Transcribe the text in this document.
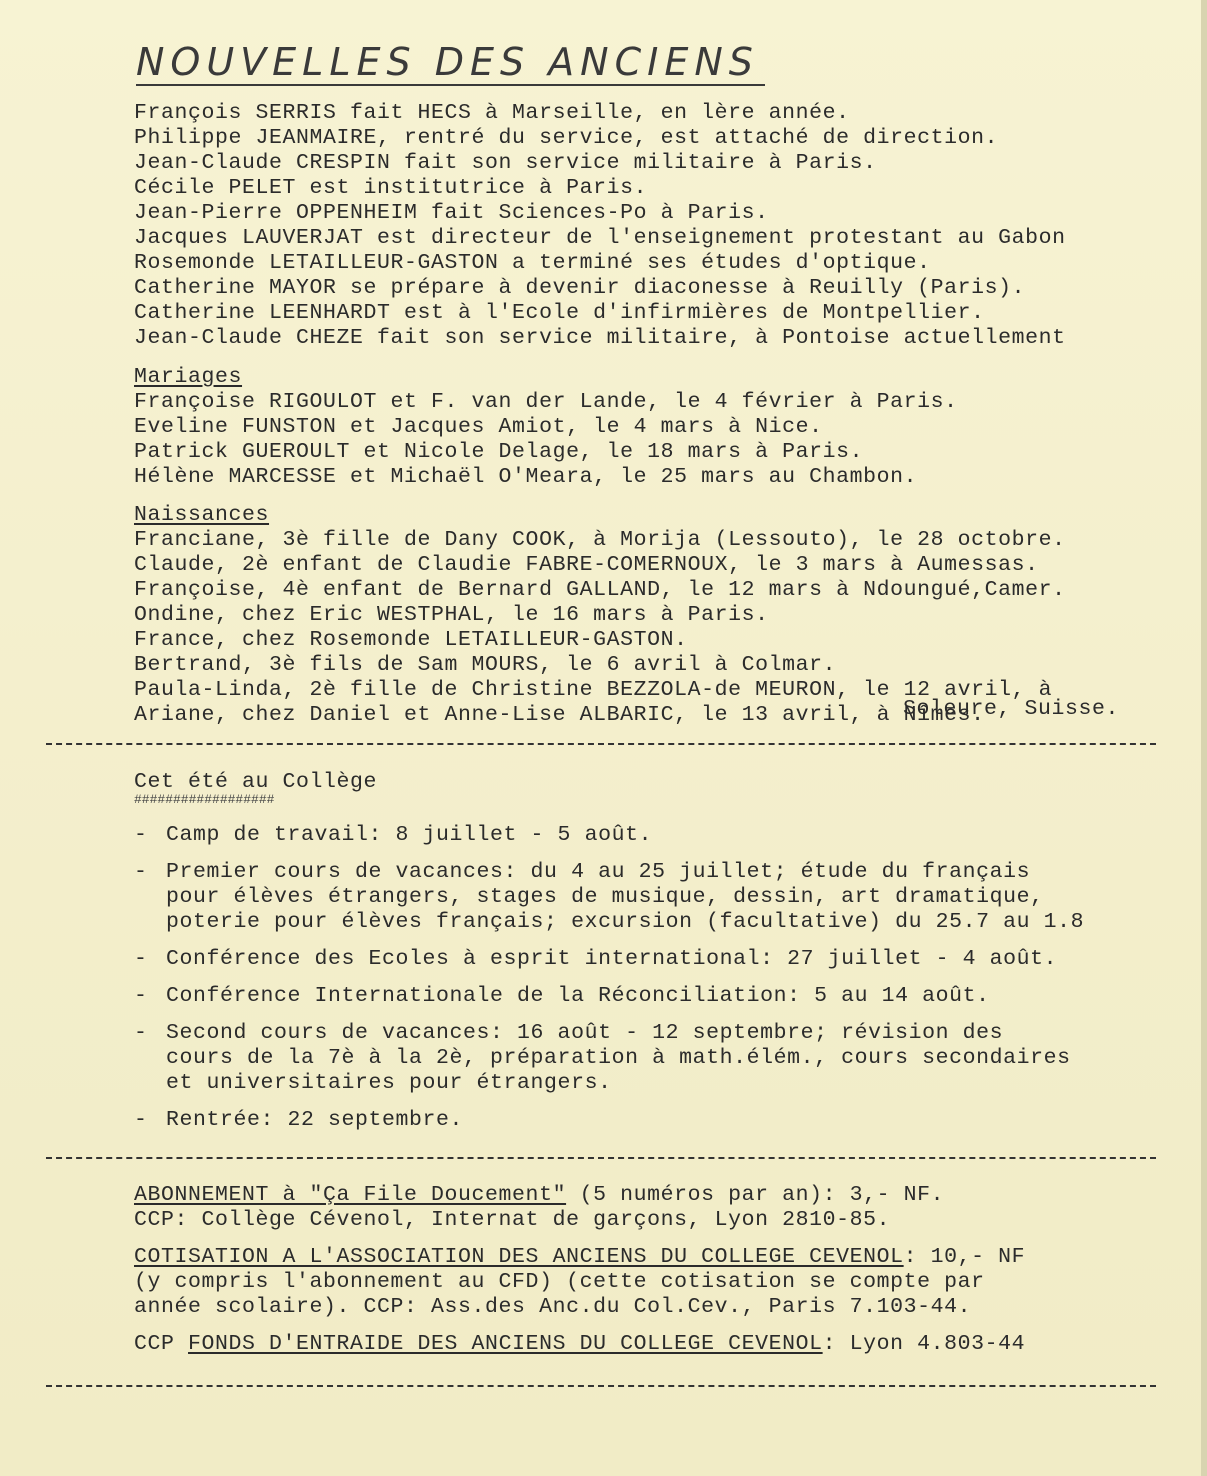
NOUVELLES DES ANCIENS
François SERRIS fait HECS à Marseille, en lère année.
Philippe JEANMAIRE, rentré du service, est attaché de direction.
Jean-Claude CRESPIN fait son service militaire à Paris.
Cécile PELET est institutrice à Paris.
Jean-Pierre OPPENHEIM fait Sciences-Po à Paris.
Jacques LAUVERJAT est directeur de l'enseignement protestant au Gabon
Rosemonde LETAILLEUR-GASTON a terminé ses études d'optique.
Catherine MAYOR se prépare à devenir diaconesse à Reuilly (Paris).
Catherine LEENHARDT est à l'Ecole d'infirmières de Montpellier.
Jean-Claude CHEZE fait son service militaire, à Pontoise actuellement
Mariages
Françoise RIGOULOT et F. van der Lande, le 4 février à Paris.
Eveline FUNSTON et Jacques Amiot, le 4 mars à Nice.
Patrick GUEROULT et Nicole Delage, le 18 mars à Paris.
Hélène MARCESSE et Michaël O'Meara, le 25 mars au Chambon.
Naissances
Franciane, 3è fille de Dany COOK, à Morija (Lessouto), le 28 octobre.
Claude, 2è enfant de Claudie FABRE-COMERNOUX, le 3 mars à Aumessas.
Françoise, 4è enfant de Bernard GALLAND, le 12 mars à Ndoungué,Camer.
Ondine, chez Eric WESTPHAL, le 16 mars à Paris.
France, chez Rosemonde LETAILLEUR-GASTON.
Bertrand, 3è fils de Sam MOURS, le 6 avril à Colmar.
Paula-Linda, 2è fille de Christine BEZZOLA-de MEURON, le 12 avril, à
Ariane, chez Daniel et Anne-Lise ALBARIC, le 13 avril, à Nîmes.
Soleure, Suisse.
Cet été au Collège
##################
- Camp de travail: 8 juillet - 5 août.
- Premier cours de vacances: du 4 au 25 juillet; étude du français
pour élèves étrangers, stages de musique, dessin, art dramatique,
poterie pour élèves français; excursion (facultative) du 25.7 au 1.8
- Conférence des Ecoles à esprit international: 27 juillet - 4 août.
- Conférence Internationale de la Réconciliation: 5 au 14 août.
- Second cours de vacances: 16 août - 12 septembre; révision des
cours de la 7è à la 2è, préparation à math.élém., cours secondaires
et universitaires pour étrangers.
- Rentrée: 22 septembre.
ABONNEMENT à "Ça File Doucement" (5 numéros par an): 3,- NF.
CCP: Collège Cévenol, Internat de garçons, Lyon 2810-85.
COTISATION A L'ASSOCIATION DES ANCIENS DU COLLEGE CEVENOL: 10,- NF
(y compris l'abonnement au CFD) (cette cotisation se compte par
année scolaire). CCP: Ass.des Anc.du Col.Cev., Paris 7.103-44.
CCP FONDS D'ENTRAIDE DES ANCIENS DU COLLEGE CEVENOL: Lyon 4.803-44
